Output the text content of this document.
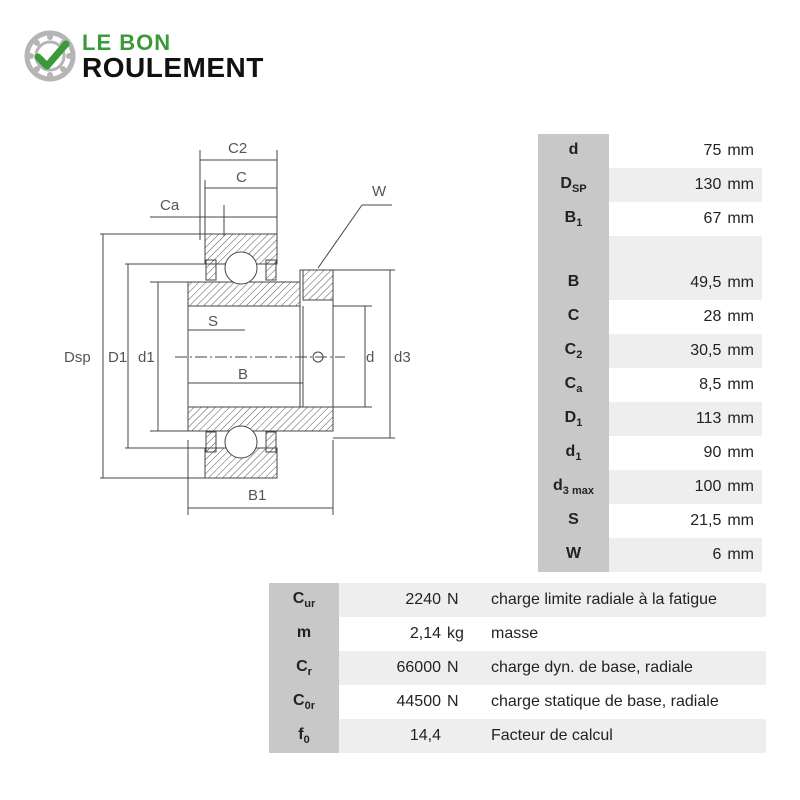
LE BON
ROULEMENT
C2
C
Ca
W
S
B
B1
Dsp D1 d1	d d3
d	75 mm
$D_{SP}$	130 mm
$B_1$	67 mm

B	49,5 mm
C	28 mm
$C_2$	30,5 mm
$C_a$	8,5 mm
$D_1$	113 mm
$d_1$	90 mm
$d_{3 max}$	100 mm
S	21,5 mm
W	6 mm
$C_{ur}$	2240 N	charge limite radiale à la fatigue
m	2,14 kg	masse
$C_r$	66000 N	charge dyn. de base, radiale
$C_{0r}$	44500 N	charge statique de base, radiale
$f_0$	14,4	Facteur de calcul
